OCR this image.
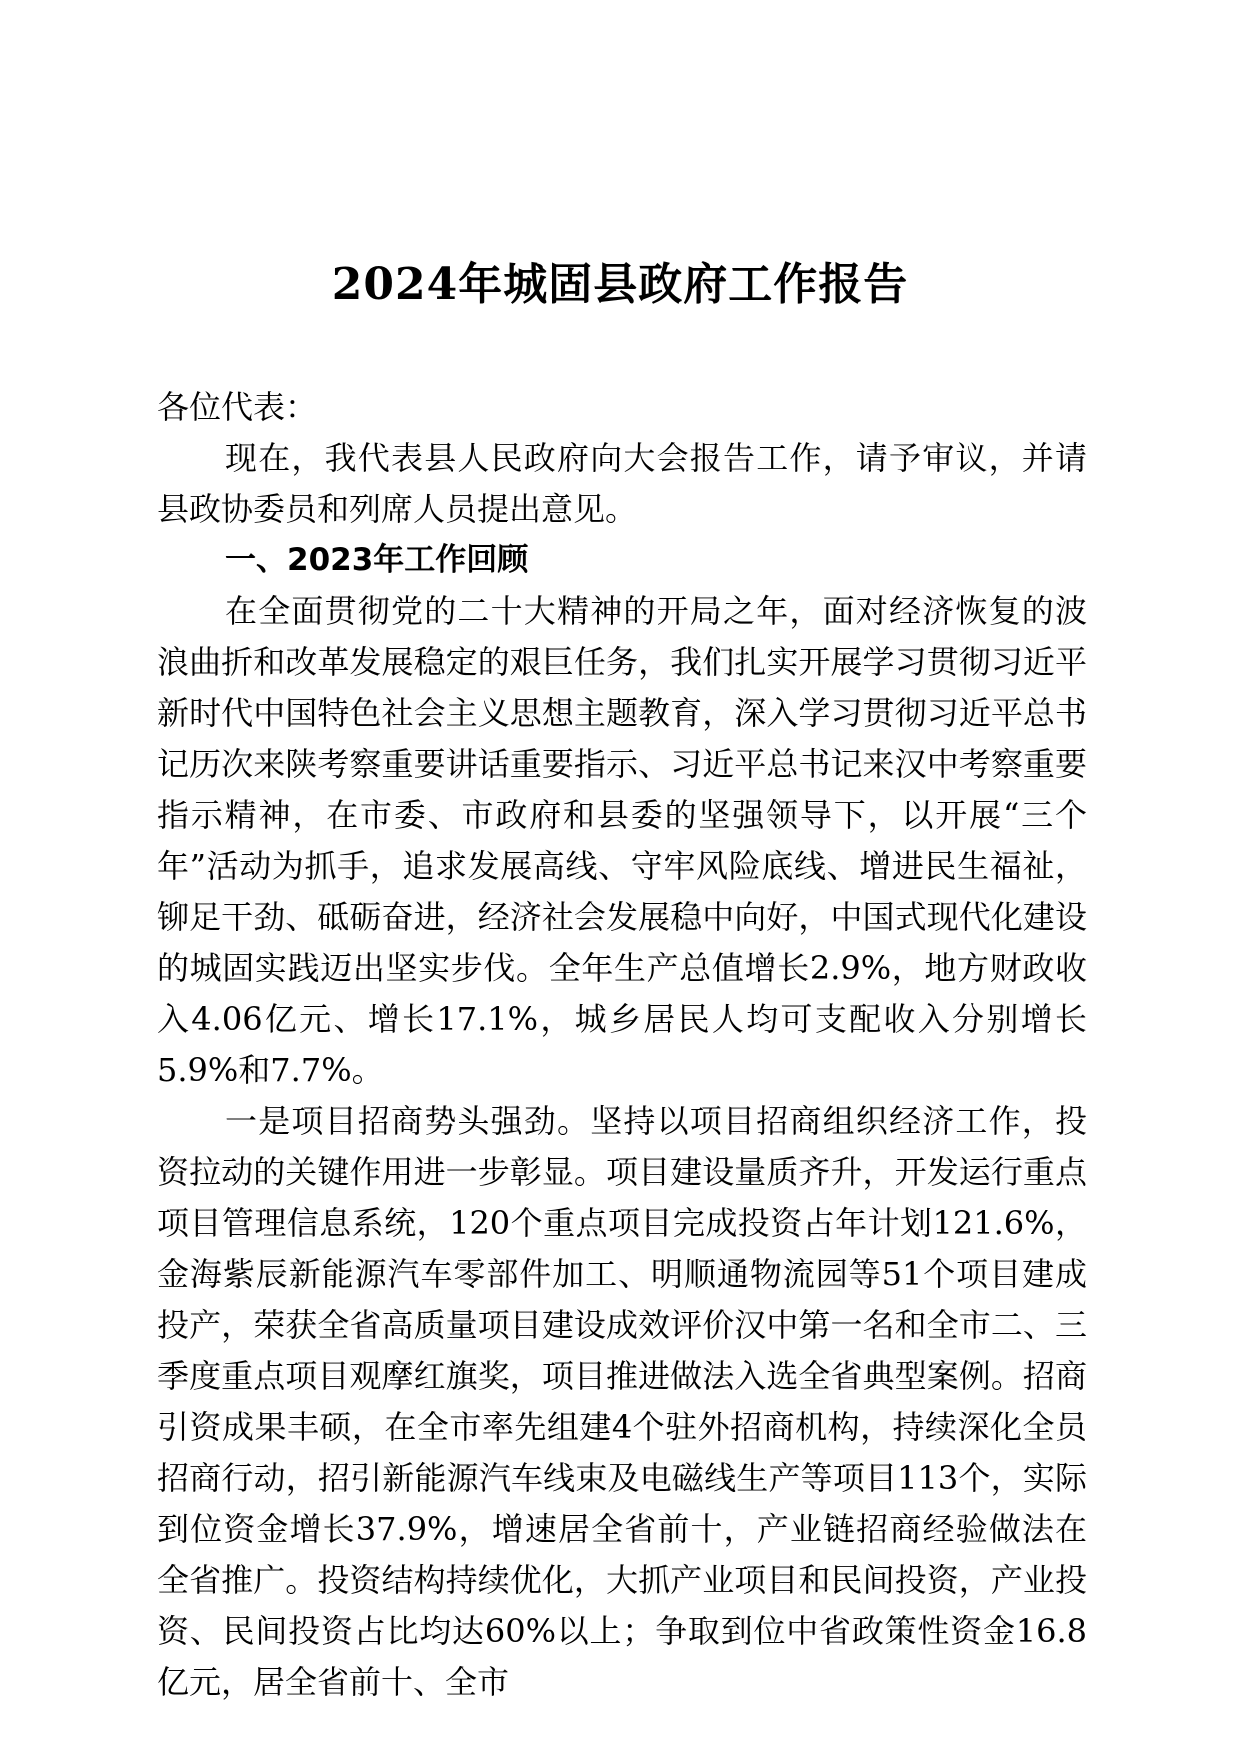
2024年城固县政府工作报告

各位代表：

现在，我代表县人民政府向大会报告工作，请予审议，并请县政协委员和列席人员提出意见。

一、2023年工作回顾

在全面贯彻党的二十大精神的开局之年，面对经济恢复的波浪曲折和改革发展稳定的艰巨任务，我们扎实开展学习贯彻习近平新时代中国特色社会主义思想主题教育，深入学习贯彻习近平总书记历次来陕考察重要讲话重要指示、习近平总书记来汉中考察重要指示精神，在市委、市政府和县委的坚强领导下，以开展“三个年”活动为抓手，追求发展高线、守牢风险底线、增进民生福祉，铆足干劲、砥砺奋进，经济社会发展稳中向好，中国式现代化建设的城固实践迈出坚实步伐。全年生产总值增长2.9%，地方财政收入4.06亿元、增长17.1%，城乡居民人均可支配收入分别增长5.9%和7.7%。

一是项目招商势头强劲。坚持以项目招商组织经济工作，投资拉动的关键作用进一步彰显。项目建设量质齐升，开发运行重点项目管理信息系统，120个重点项目完成投资占年计划121.6%，金海紫辰新能源汽车零部件加工、明顺通物流园等51个项目建成投产，荣获全省高质量项目建设成效评价汉中第一名和全市二、三季度重点项目观摩红旗奖，项目推进做法入选全省典型案例。招商引资成果丰硕，在全市率先组建4个驻外招商机构，持续深化全员招商行动，招引新能源汽车线束及电磁线生产等项目113个，实际到位资金增长37.9%，增速居全省前十，产业链招商经验做法在全省推广。投资结构持续优化，大抓产业项目和民间投资，产业投资、民间投资占比均达60%以上；争取到位中省政策性资金16.8亿元，居全省前十、全市
